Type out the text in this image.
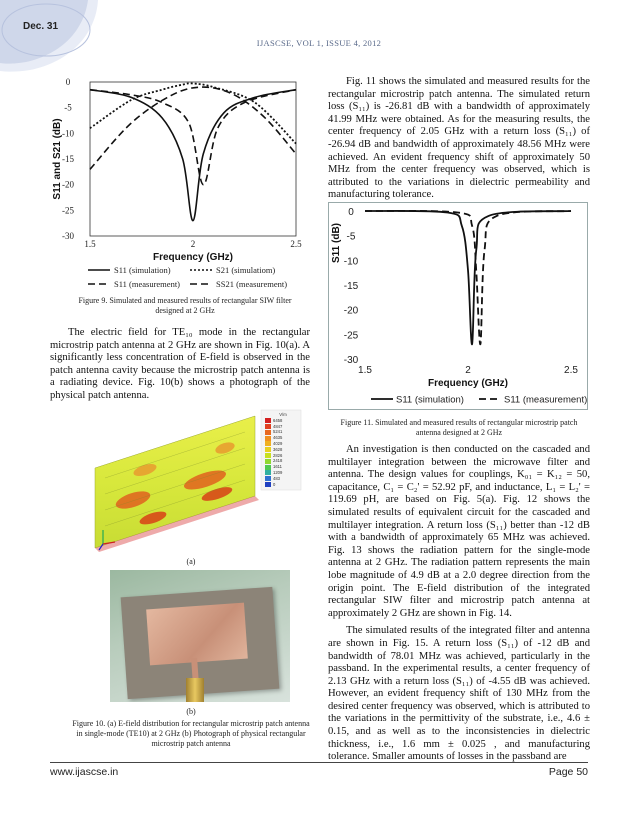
Dec. 31
IJASCSE, VOL 1, ISSUE 4, 2012
0
-5
-10
-15
-20
-25
-30
1.5	2	2.5
Frequency (GHz)
S11 and S21 (dB)
S11 (simulation)	S21 (simulatiom)
S11 (measurement)	SS21 (measurement)
Figure 9. Simulated and measured results of rectangular SIW filter
designed at 2 GHz

The electric field for TE₁₀ mode in the rectangular microstrip patch antenna at 2 GHz are shown in Fig. 10(a). A significantly less concentration of E-field is observed in the patch antenna cavity because the microstrip patch antenna is a radiating device. Fig. 10(b) shows a photograph of the physical patch antenna.

V/m
6458
4847
5241
4635
4029
3628
2826
2418
1611
1209
483
0
(a)
(b)
Figure 10. (a) E-field distribution for rectangular microstrip patch antenna
in single-mode (TE10) at 2 GHz (b) Photograph of physical rectangular
microstrip patch antenna

Fig. 11 shows the simulated and measured results for the rectangular microstrip patch antenna. The simulated return loss (S₁₁) is -26.81 dB with a bandwidth of approximately 41.99 MHz were obtained. As for the measuring results, the center frequency of 2.05 GHz with a return loss (S₁₁) of -26.94 dB and bandwidth of approximately 48.56 MHz were achieved. An evident frequency shift of approximately 50 MHz from the center frequency was observed, which is attributed to the variations in dielectric permeability and manufacturing tolerance.

0
-5
-10
-15
-20
-25
-30
1.5	2	2.5
Frequency (GHz)
S11 (dB)
S11 (simulation)	S11 (measurement)
Figure 11. Simulated and measured results of rectangular microstrip patch
antenna designed at 2 GHz

An investigation is then conducted on the cascaded and multilayer integration between the microwave filter and antenna. The design values for couplings, K₀₁ = K₁₂ = 50, capacitance, C₁ = C₂' = 52.92 pF, and inductance, L₁ = L₂' = 119.69 pH, are based on Fig. 5(a). Fig. 12 shows the simulated results of equivalent circuit for the cascaded and multilayer integration. A return loss (S₁₁) better than -12 dB with a bandwidth of approximately 65 MHz was achieved. Fig. 13 shows the radiation pattern for the single-mode antenna at 2 GHz. The radiation pattern represents the main lobe magnitude of 4.9 dB at a 2.0 degree direction from the origin point. The E-field distribution of the integrated rectangular SIW filter and microstrip patch antenna at approximately 2 GHz are shown in Fig. 14.

The simulated results of the integrated filter and antenna are shown in Fig. 15. A return loss (S₁₁) of -12 dB and bandwidth of 78.01 MHz was achieved, particularly in the passband. In the experimental results, a center frequency of 2.13 GHz with a return loss (S₁₁) of -4.55 dB was achieved. However, an evident frequency shift of 130 MHz from the desired center frequency was observed, which is attributed to the variations in the permittivity of the substrate, i.e., 4.6 ± 0.15, and as well as to the inconsistencies in dielectric thickness, i.e., 1.6 mm ± 0.025 , and manufacturing tolerance. Smaller amounts of losses in the passband are

www.ijascse.in	Page 50
